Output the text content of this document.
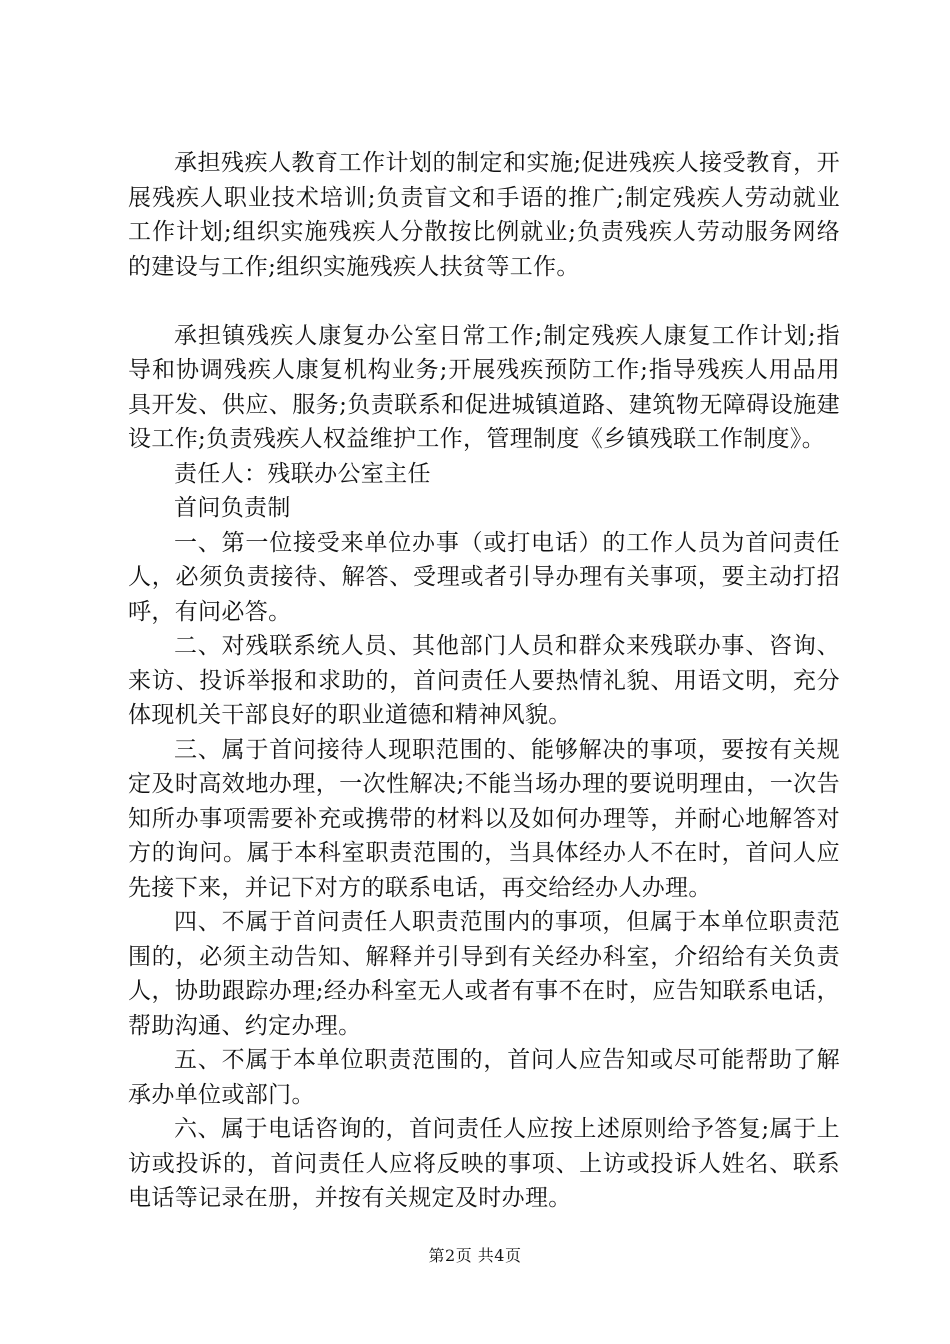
承担残疾人教育工作计划的制定和实施;促进残疾人接受教育，开展残疾人职业技术培训;负责盲文和手语的推广;制定残疾人劳动就业工作计划;组织实施残疾人分散按比例就业;负责残疾人劳动服务网络的建设与工作;组织实施残疾人扶贫等工作。

承担镇残疾人康复办公室日常工作;制定残疾人康复工作计划;指导和协调残疾人康复机构业务;开展残疾预防工作;指导残疾人用品用具开发、供应、服务;负责联系和促进城镇道路、建筑物无障碍设施建设工作;负责残疾人权益维护工作，管理制度《乡镇残联工作制度》。

责任人：残联办公室主任

首问负责制

一、第一位接受来单位办事（或打电话）的工作人员为首问责任人，必须负责接待、解答、受理或者引导办理有关事项，要主动打招呼，有问必答。

二、对残联系统人员、其他部门人员和群众来残联办事、咨询、来访、投诉举报和求助的，首问责任人要热情礼貌、用语文明，充分体现机关干部良好的职业道德和精神风貌。

三、属于首问接待人现职范围的、能够解决的事项，要按有关规定及时高效地办理，一次性解决;不能当场办理的要说明理由，一次告知所办事项需要补充或携带的材料以及如何办理等，并耐心地解答对方的询问。属于本科室职责范围的，当具体经办人不在时，首问人应先接下来，并记下对方的联系电话，再交给经办人办理。

四、不属于首问责任人职责范围内的事项，但属于本单位职责范围的，必须主动告知、解释并引导到有关经办科室，介绍给有关负责人，协助跟踪办理;经办科室无人或者有事不在时，应告知联系电话，帮助沟通、约定办理。

五、不属于本单位职责范围的，首问人应告知或尽可能帮助了解承办单位或部门。

六、属于电话咨询的，首问责任人应按上述原则给予答复;属于上访或投诉的，首问责任人应将反映的事项、上访或投诉人姓名、联系电话等记录在册，并按有关规定及时办理。

第2页 共4页
